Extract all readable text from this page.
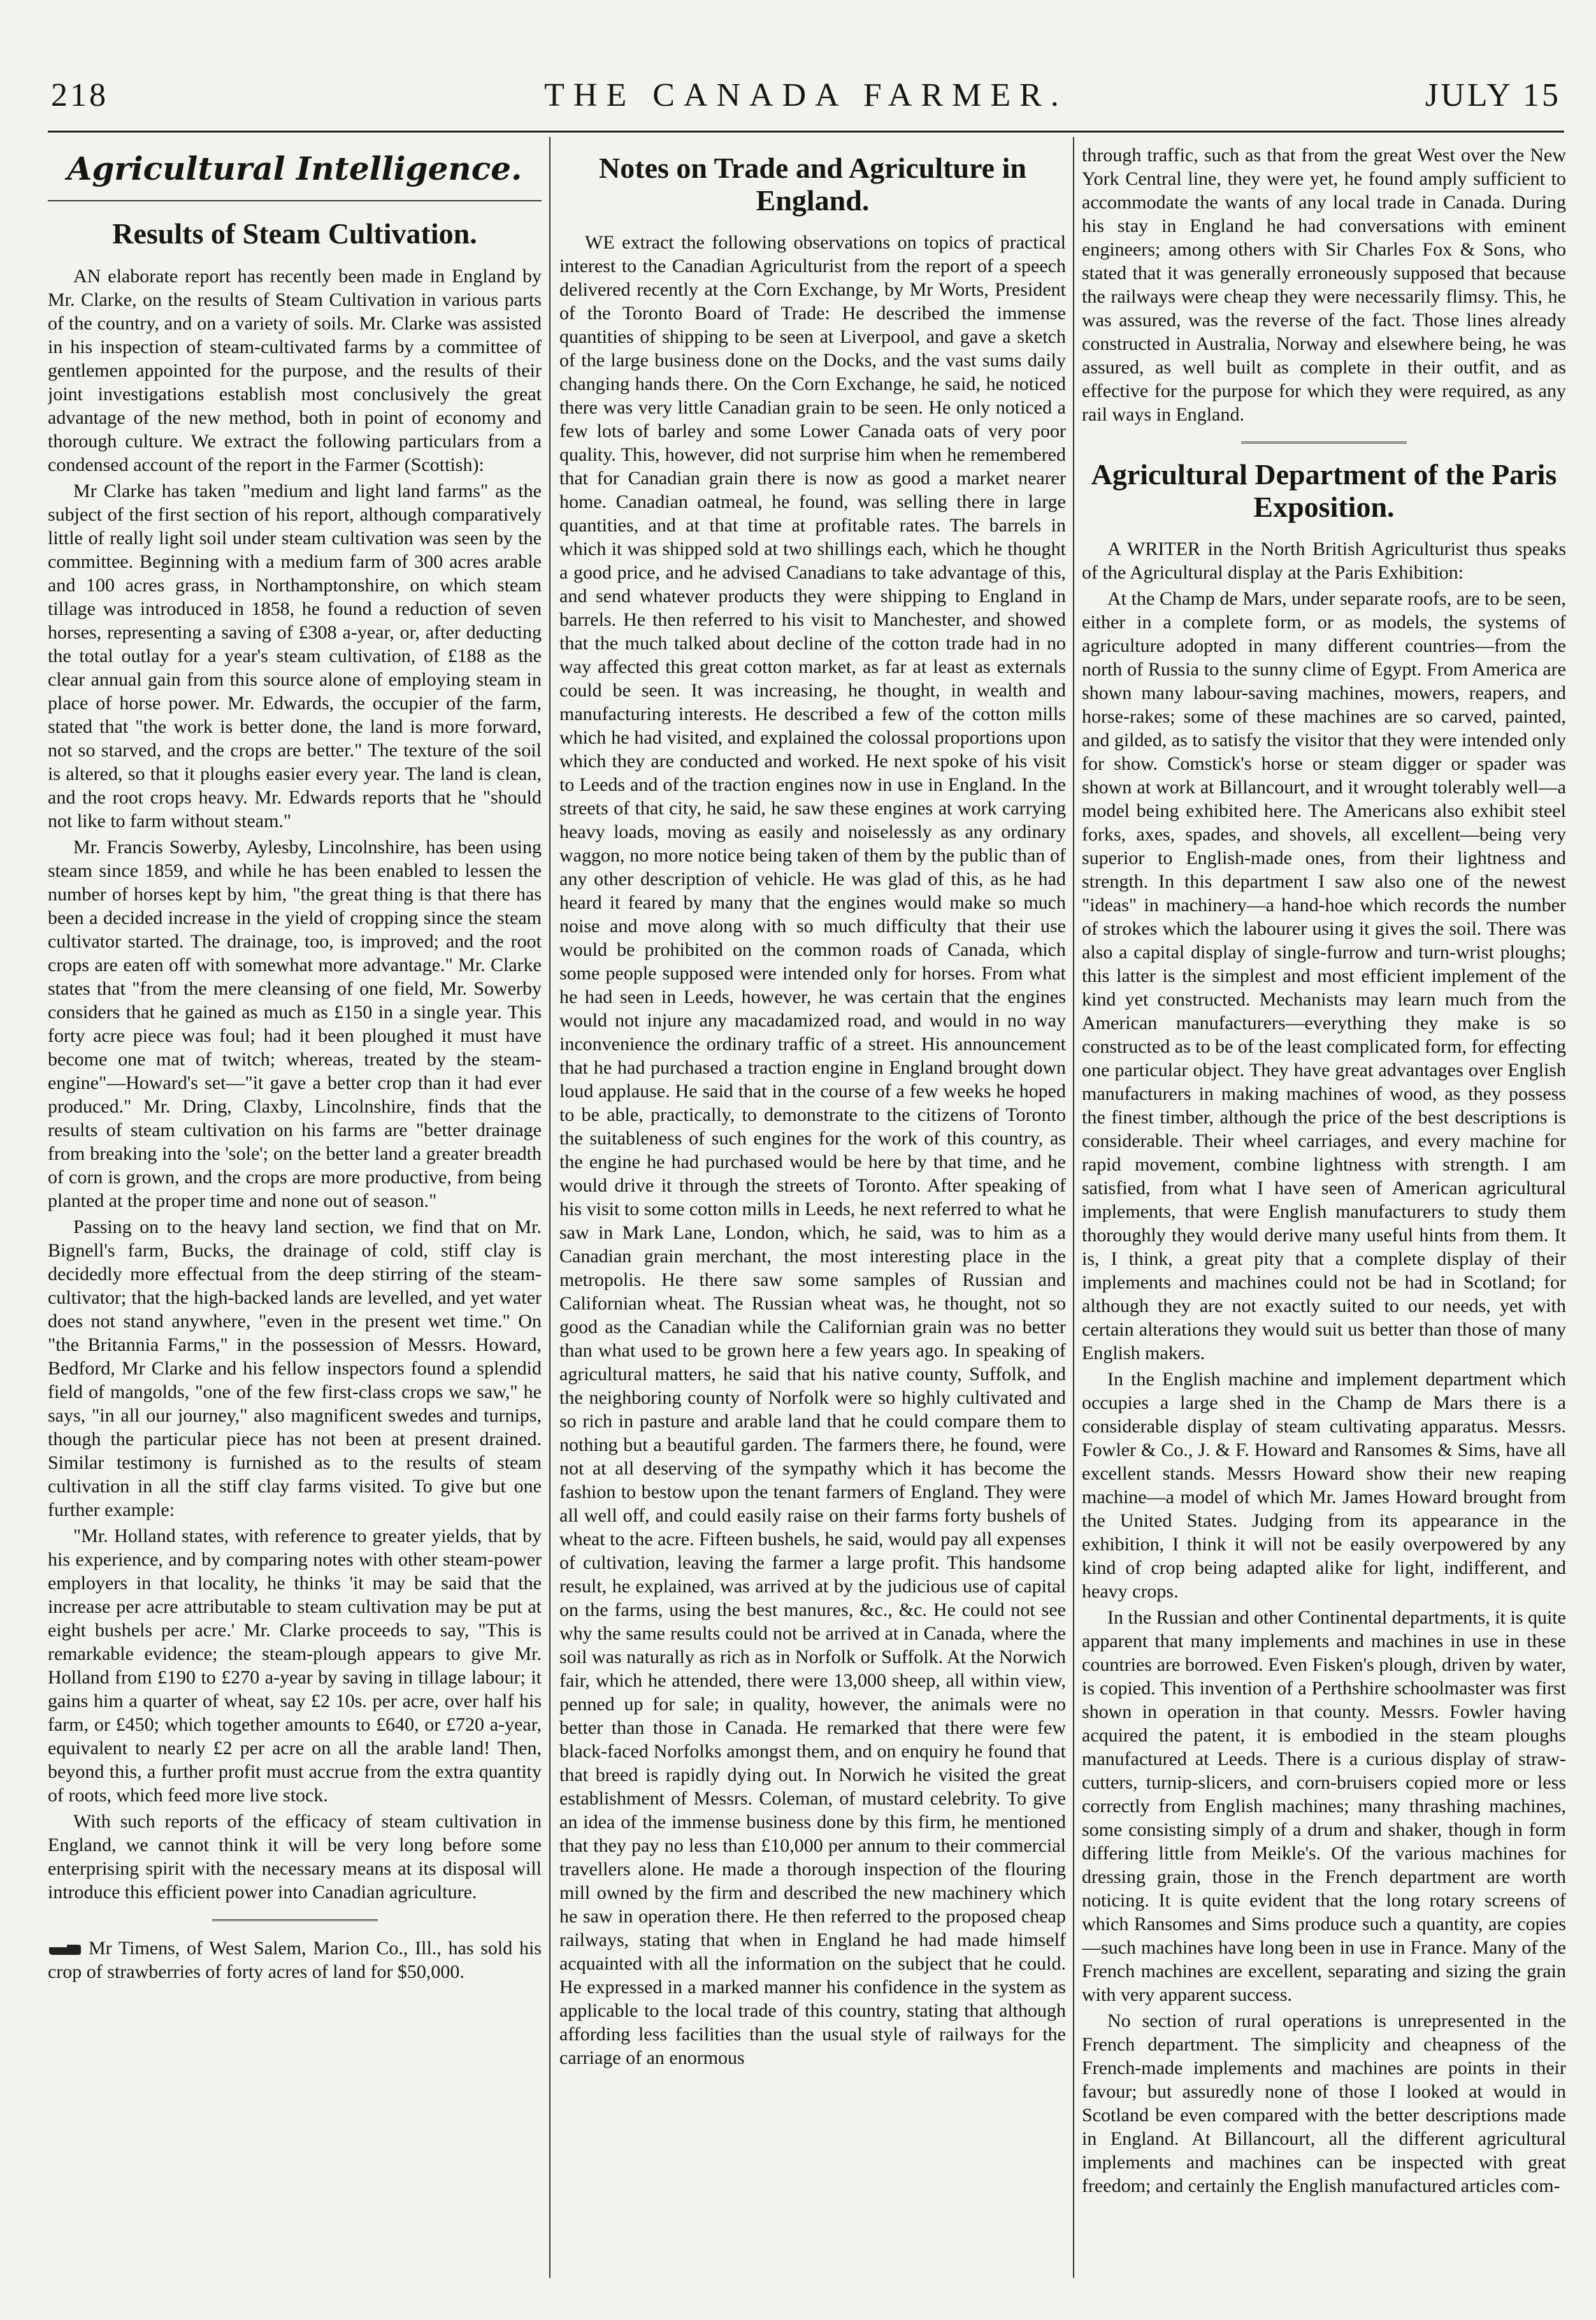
218	THE CANADA FARMER.	JULY 15
Agricultural Intelligence.
Results of Steam Cultivation.

AN elaborate report has recently been made in England by Mr. Clarke, on the results of Steam Cultivation in various parts of the country, and on a variety of soils. Mr. Clarke was assisted in his inspection of steam-cultivated farms by a committee of gentlemen appointed for the purpose, and the results of their joint investigations establish most conclusively the great advantage of the new method, both in point of economy and thorough culture. We extract the following particulars from a condensed account of the report in the Farmer (Scottish):

Mr Clarke has taken "medium and light land farms" as the subject of the first section of his report, although comparatively little of really light soil under steam cultivation was seen by the committee. Beginning with a medium farm of 300 acres arable and 100 acres grass, in Northamptonshire, on which steam tillage was introduced in 1858, he found a reduction of seven horses, representing a saving of £308 a-year, or, after deducting the total outlay for a year's steam cultivation, of £188 as the clear annual gain from this source alone of employing steam in place of horse power. Mr. Edwards, the occupier of the farm, stated that "the work is better done, the land is more forward, not so starved, and the crops are better." The texture of the soil is altered, so that it ploughs easier every year. The land is clean, and the root crops heavy. Mr. Edwards reports that he "should not like to farm without steam."

Mr. Francis Sowerby, Aylesby, Lincolnshire, has been using steam since 1859, and while he has been enabled to lessen the number of horses kept by him, "the great thing is that there has been a decided increase in the yield of cropping since the steam cultivator started. The drainage, too, is improved; and the root crops are eaten off with somewhat more advantage." Mr. Clarke states that "from the mere cleansing of one field, Mr. Sowerby considers that he gained as much as £150 in a single year. This forty acre piece was foul; had it been ploughed it must have become one mat of twitch; whereas, treated by the steam-engine"—Howard's set—"it gave a better crop than it had ever produced." Mr. Dring, Claxby, Lincolnshire, finds that the results of steam cultivation on his farms are "better drainage from breaking into the 'sole'; on the better land a greater breadth of corn is grown, and the crops are more productive, from being planted at the proper time and none out of season."

Passing on to the heavy land section, we find that on Mr. Bignell's farm, Bucks, the drainage of cold, stiff clay is decidedly more effectual from the deep stirring of the steam-cultivator; that the high-backed lands are levelled, and yet water does not stand anywhere, "even in the present wet time." On "the Britannia Farms," in the possession of Messrs. Howard, Bedford, Mr Clarke and his fellow inspectors found a splendid field of mangolds, "one of the few first-class crops we saw," he says, "in all our journey," also magnificent swedes and turnips, though the particular piece has not been at present drained. Similar testimony is furnished as to the results of steam cultivation in all the stiff clay farms visited. To give but one further example:

"Mr. Holland states, with reference to greater yields, that by his experience, and by comparing notes with other steam-power employers in that locality, he thinks 'it may be said that the increase per acre attributable to steam cultivation may be put at eight bushels per acre.' Mr. Clarke proceeds to say, "This is remarkable evidence; the steam-plough appears to give Mr. Holland from £190 to £270 a-year by saving in tillage labour; it gains him a quarter of wheat, say £2 10s. per acre, over half his farm, or £450; which together amounts to £640, or £720 a-year, equivalent to nearly £2 per acre on all the arable land! Then, beyond this, a further profit must accrue from the extra quantity of roots, which feed more live stock.

With such reports of the efficacy of steam cultivation in England, we cannot think it will be very long before some enterprising spirit with the necessary means at its disposal will introduce this efficient power into Canadian agriculture.

Mr Timens, of West Salem, Marion Co., Ill., has sold his crop of strawberries of forty acres of land for $50,000.

Notes on Trade and Agriculture in England.

WE extract the following observations on topics of practical interest to the Canadian Agriculturist from the report of a speech delivered recently at the Corn Exchange, by Mr Worts, President of the Toronto Board of Trade: He described the immense quantities of shipping to be seen at Liverpool, and gave a sketch of the large business done on the Docks, and the vast sums daily changing hands there. On the Corn Exchange, he said, he noticed there was very little Canadian grain to be seen. He only noticed a few lots of barley and some Lower Canada oats of very poor quality. This, however, did not surprise him when he remembered that for Canadian grain there is now as good a market nearer home. Canadian oatmeal, he found, was selling there in large quantities, and at that time at profitable rates. The barrels in which it was shipped sold at two shillings each, which he thought a good price, and he advised Canadians to take advantage of this, and send whatever products they were shipping to England in barrels. He then referred to his visit to Manchester, and showed that the much talked about decline of the cotton trade had in no way affected this great cotton market, as far at least as externals could be seen. It was increasing, he thought, in wealth and manufacturing interests. He described a few of the cotton mills which he had visited, and explained the colossal proportions upon which they are conducted and worked. He next spoke of his visit to Leeds and of the traction engines now in use in England. In the streets of that city, he said, he saw these engines at work carrying heavy loads, moving as easily and noiselessly as any ordinary waggon, no more notice being taken of them by the public than of any other description of vehicle. He was glad of this, as he had heard it feared by many that the engines would make so much noise and move along with so much difficulty that their use would be prohibited on the common roads of Canada, which some people supposed were intended only for horses. From what he had seen in Leeds, however, he was certain that the engines would not injure any macadamized road, and would in no way inconvenience the ordinary traffic of a street. His announcement that he had purchased a traction engine in England brought down loud applause. He said that in the course of a few weeks he hoped to be able, practically, to demonstrate to the citizens of Toronto the suitableness of such engines for the work of this country, as the engine he had purchased would be here by that time, and he would drive it through the streets of Toronto. After speaking of his visit to some cotton mills in Leeds, he next referred to what he saw in Mark Lane, London, which, he said, was to him as a Canadian grain merchant, the most interesting place in the metropolis. He there saw some samples of Russian and Californian wheat. The Russian wheat was, he thought, not so good as the Canadian while the Californian grain was no better than what used to be grown here a few years ago. In speaking of agricultural matters, he said that his native county, Suffolk, and the neighboring county of Norfolk were so highly cultivated and so rich in pasture and arable land that he could compare them to nothing but a beautiful garden. The farmers there, he found, were not at all deserving of the sympathy which it has become the fashion to bestow upon the tenant farmers of England. They were all well off, and could easily raise on their farms forty bushels of wheat to the acre. Fifteen bushels, he said, would pay all expenses of cultivation, leaving the farmer a large profit. This handsome result, he explained, was arrived at by the judicious use of capital on the farms, using the best manures, &c., &c. He could not see why the same results could not be arrived at in Canada, where the soil was naturally as rich as in Norfolk or Suffolk. At the Norwich fair, which he attended, there were 13,000 sheep, all within view, penned up for sale; in quality, however, the animals were no better than those in Canada. He remarked that there were few black-faced Norfolks amongst them, and on enquiry he found that that breed is rapidly dying out. In Norwich he visited the great establishment of Messrs. Coleman, of mustard celebrity. To give an idea of the immense business done by this firm, he mentioned that they pay no less than £10,000 per annum to their commercial travellers alone. He made a thorough inspection of the flouring mill owned by the firm and described the new machinery which he saw in operation there. He then referred to the proposed cheap railways, stating that when in England he had made himself acquainted with all the information on the subject that he could. He expressed in a marked manner his confidence in the system as applicable to the local trade of this country, stating that although affording less facilities than the usual style of railways for the carriage of an enormous

through traffic, such as that from the great West over the New York Central line, they were yet, he found amply sufficient to accommodate the wants of any local trade in Canada. During his stay in England he had conversations with eminent engineers; among others with Sir Charles Fox & Sons, who stated that it was generally erroneously supposed that because the railways were cheap they were necessarily flimsy. This, he was assured, was the reverse of the fact. Those lines already constructed in Australia, Norway and elsewhere being, he was assured, as well built as complete in their outfit, and as effective for the purpose for which they were required, as any rail ways in England.

Agricultural Department of the Paris Exposition.

A WRITER in the North British Agriculturist thus speaks of the Agricultural display at the Paris Exhibition:

At the Champ de Mars, under separate roofs, are to be seen, either in a complete form, or as models, the systems of agriculture adopted in many different countries—from the north of Russia to the sunny clime of Egypt. From America are shown many labour-saving machines, mowers, reapers, and horse-rakes; some of these machines are so carved, painted, and gilded, as to satisfy the visitor that they were intended only for show. Comstick's horse or steam digger or spader was shown at work at Billancourt, and it wrought tolerably well—a model being exhibited here. The Americans also exhibit steel forks, axes, spades, and shovels, all excellent—being very superior to English-made ones, from their lightness and strength. In this department I saw also one of the newest "ideas" in machinery—a hand-hoe which records the number of strokes which the labourer using it gives the soil. There was also a capital display of single-furrow and turn-wrist ploughs; this latter is the simplest and most efficient implement of the kind yet constructed. Mechanists may learn much from the American manufacturers—everything they make is so constructed as to be of the least complicated form, for effecting one particular object. They have great advantages over English manufacturers in making machines of wood, as they possess the finest timber, although the price of the best descriptions is considerable. Their wheel carriages, and every machine for rapid movement, combine lightness with strength. I am satisfied, from what I have seen of American agricultural implements, that were English manufacturers to study them thoroughly they would derive many useful hints from them. It is, I think, a great pity that a complete display of their implements and machines could not be had in Scotland; for although they are not exactly suited to our needs, yet with certain alterations they would suit us better than those of many English makers.

In the English machine and implement department which occupies a large shed in the Champ de Mars there is a considerable display of steam cultivating apparatus. Messrs. Fowler & Co., J. & F. Howard and Ransomes & Sims, have all excellent stands. Messrs Howard show their new reaping machine—a model of which Mr. James Howard brought from the United States. Judging from its appearance in the exhibition, I think it will not be easily overpowered by any kind of crop being adapted alike for light, indifferent, and heavy crops.

In the Russian and other Continental departments, it is quite apparent that many implements and machines in use in these countries are borrowed. Even Fisken's plough, driven by water, is copied. This invention of a Perthshire schoolmaster was first shown in operation in that county. Messrs. Fowler having acquired the patent, it is embodied in the steam ploughs manufactured at Leeds. There is a curious display of straw-cutters, turnip-slicers, and corn-bruisers copied more or less correctly from English machines; many thrashing machines, some consisting simply of a drum and shaker, though in form differing little from Meikle's. Of the various machines for dressing grain, those in the French department are worth noticing. It is quite evident that the long rotary screens of which Ransomes and Sims produce such a quantity, are copies—such machines have long been in use in France. Many of the French machines are excellent, separating and sizing the grain with very apparent success.

No section of rural operations is unrepresented in the French department. The simplicity and cheapness of the French-made implements and machines are points in their favour; but assuredly none of those I looked at would in Scotland be even compared with the better descriptions made in England. At Billancourt, all the different agricultural implements and machines can be inspected with great freedom; and certainly the English manufactured articles com-
